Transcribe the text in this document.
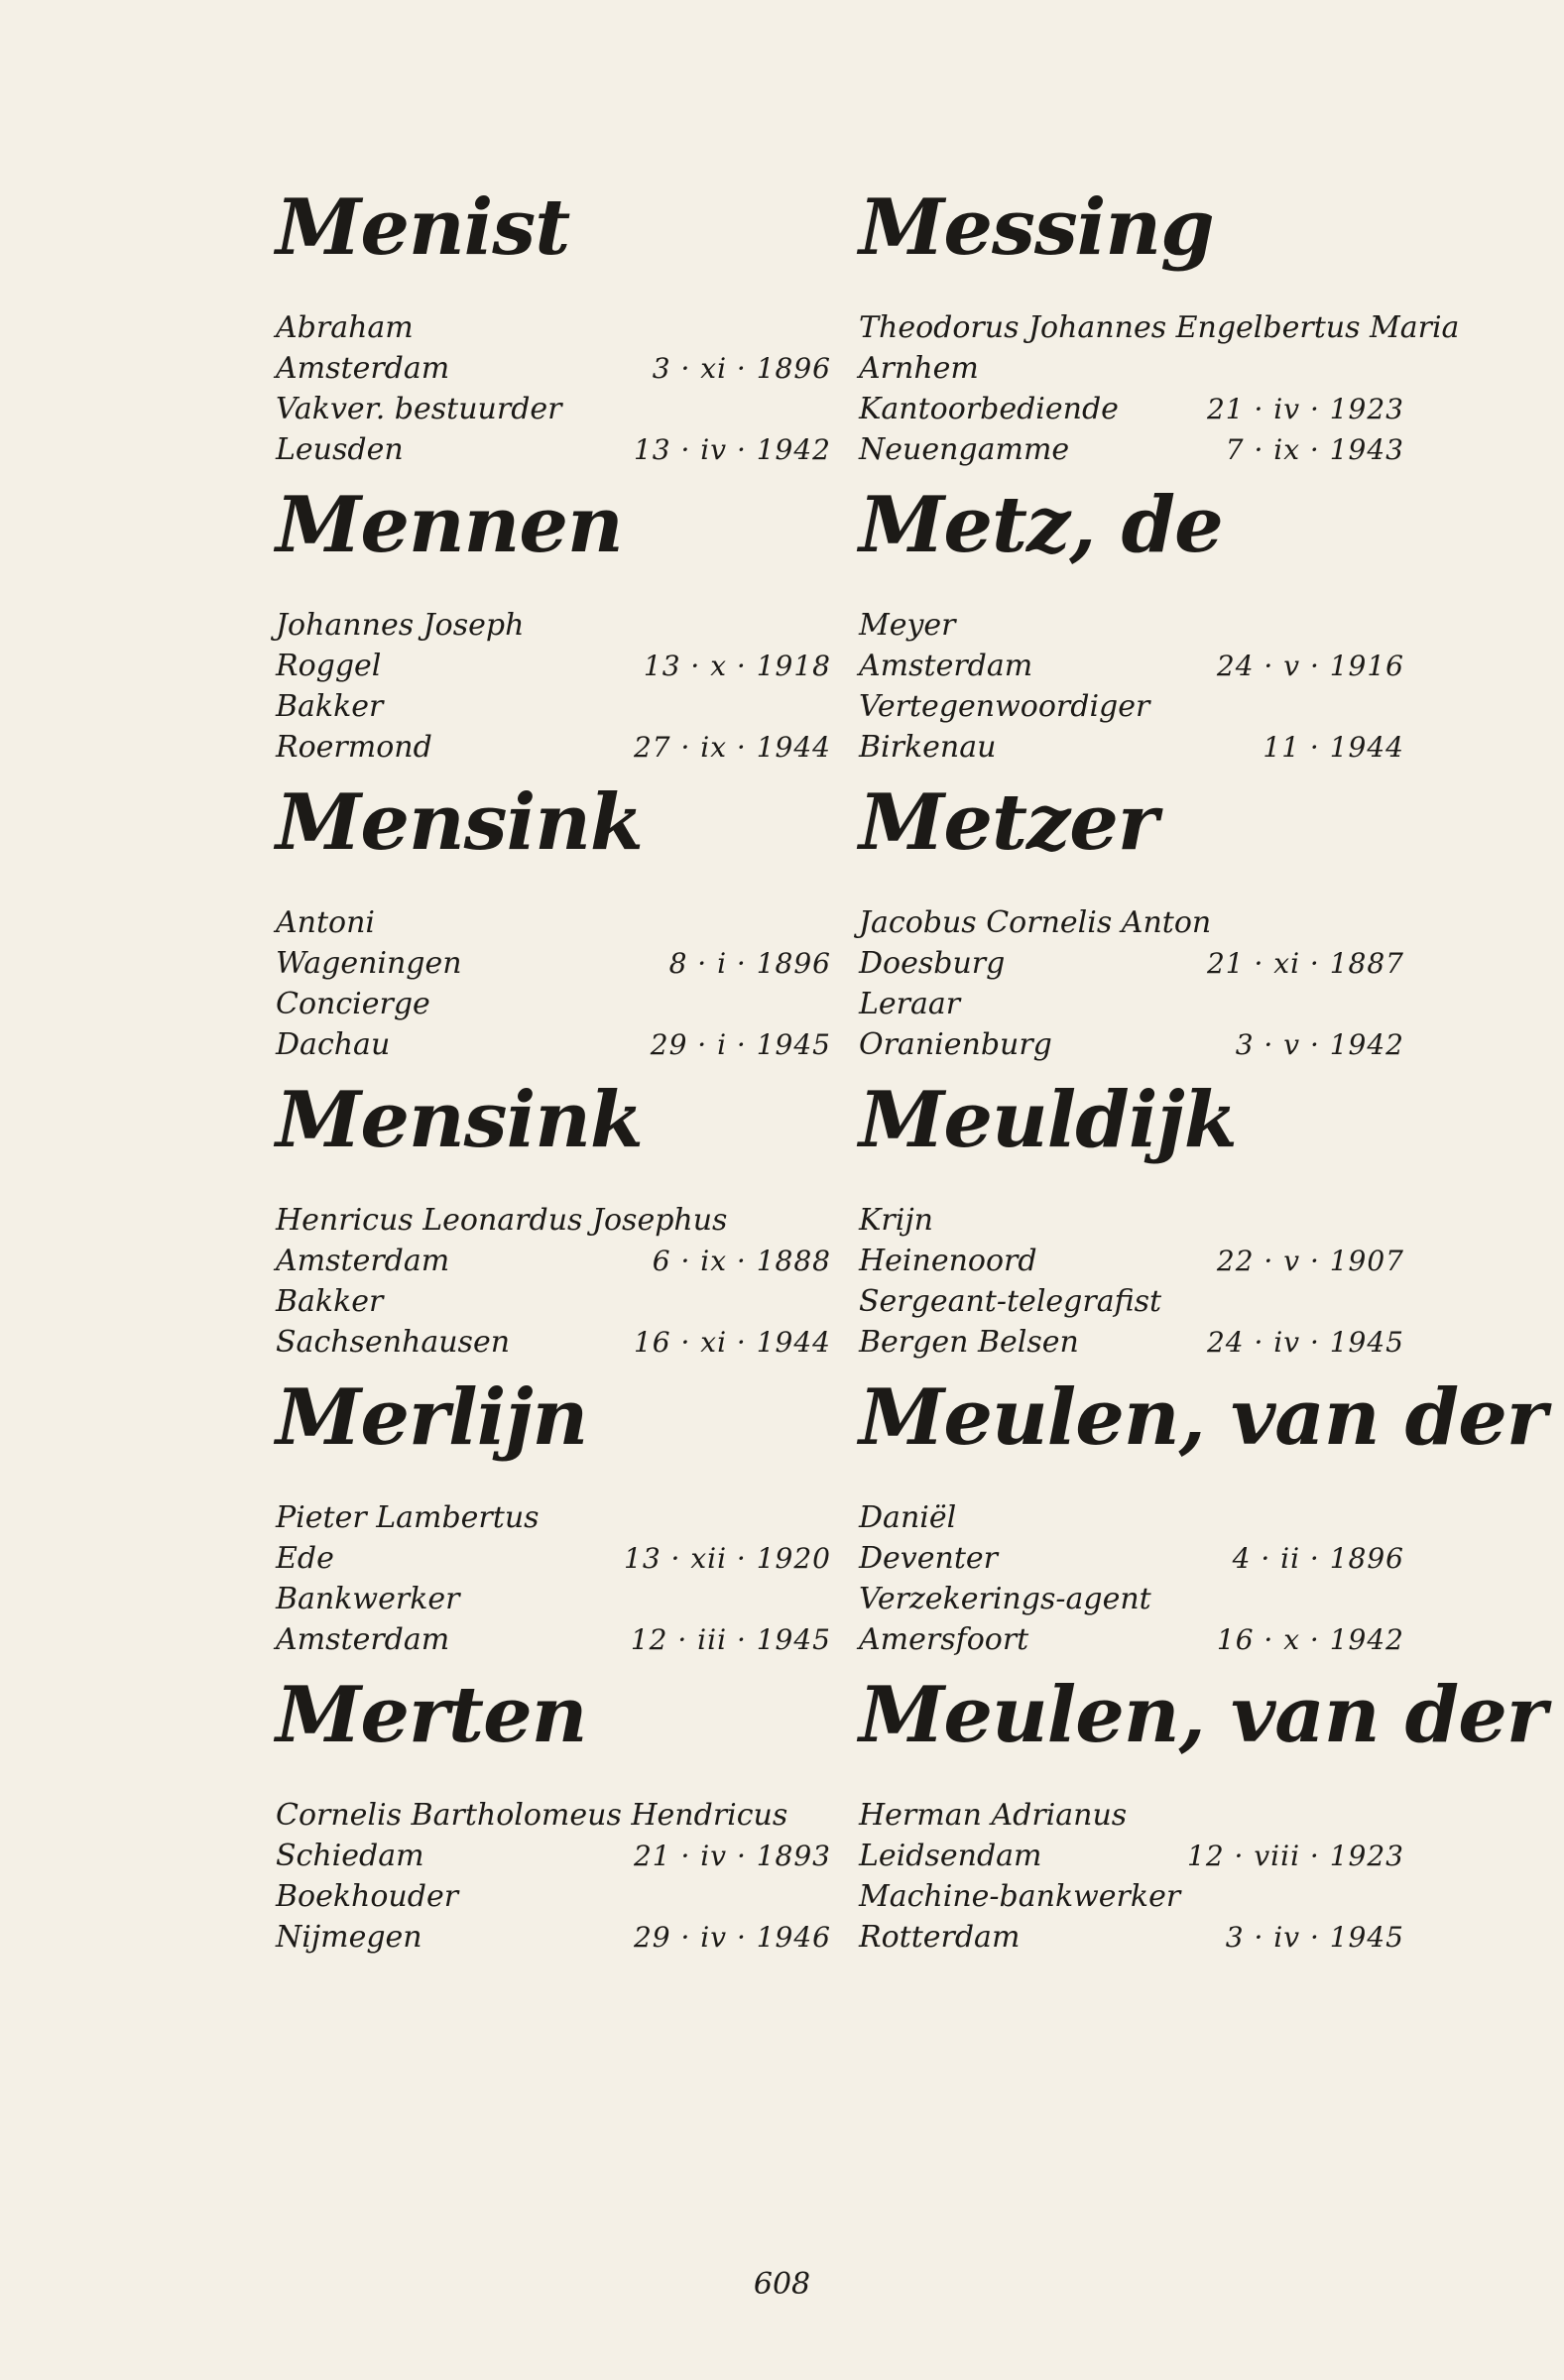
Menist
Abraham
Amsterdam	3 · xi · 1896
Vakver. bestuurder
Leusden	13 · iv · 1942
Mennen
Johannes Joseph
Roggel	13 · x · 1918
Bakker
Roermond	27 · ix · 1944
Mensink
Antoni
Wageningen	8 · i · 1896
Concierge
Dachau	29 · i · 1945
Mensink
Henricus Leonardus Josephus
Amsterdam	6 · ix · 1888
Bakker
Sachsenhausen	16 · xi · 1944
Merlijn
Pieter Lambertus
Ede	13 · xii · 1920
Bankwerker
Amsterdam	12 · iii · 1945
Merten
Cornelis Bartholomeus Hendricus
Schiedam	21 · iv · 1893
Boekhouder
Nijmegen	29 · iv · 1946
Messing
Theodorus Johannes Engelbertus Maria
Arnhem
Kantoorbediende	21 · iv · 1923
Neuengamme	7 · ix · 1943
Metz, de
Meyer
Amsterdam	24 · v · 1916
Vertegenwoordiger
Birkenau	11 · 1944
Metzer
Jacobus Cornelis Anton
Doesburg	21 · xi · 1887
Leraar
Oranienburg	3 · v · 1942
Meuldijk
Krijn
Heinenoord	22 · v · 1907
Sergeant-telegrafist
Bergen Belsen	24 · iv · 1945
Meulen, van der
Daniël
Deventer	4 · ii · 1896
Verzekerings-agent
Amersfoort	16 · x · 1942
Meulen, van der
Herman Adrianus
Leidsendam	12 · viii · 1923
Machine-bankwerker
Rotterdam	3 · iv · 1945
608
